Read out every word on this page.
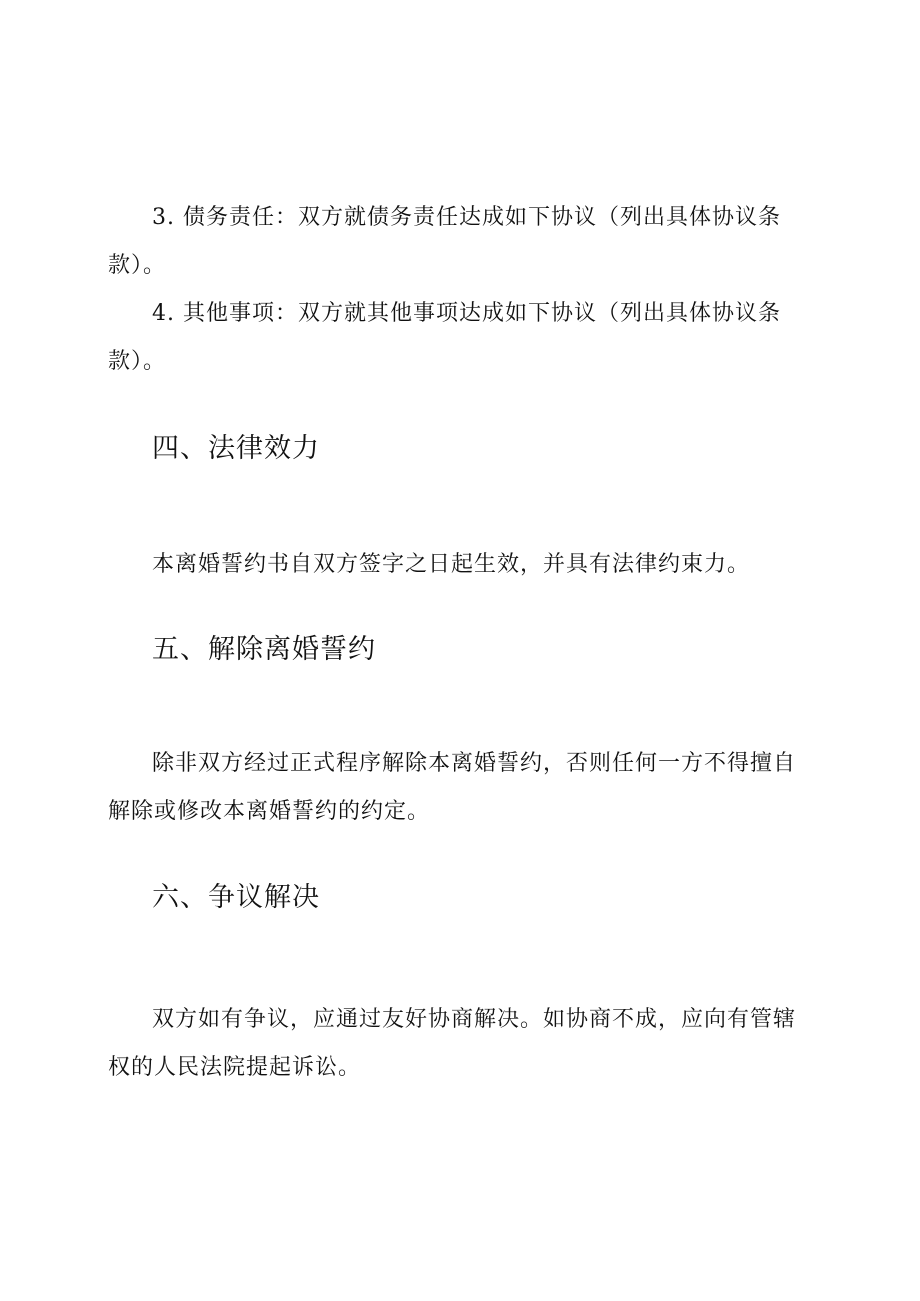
3. 债务责任：双方就债务责任达成如下协议（列出具体协议条款）。

4. 其他事项：双方就其他事项达成如下协议（列出具体协议条款）。

四、法律效力

本离婚誓约书自双方签字之日起生效，并具有法律约束力。

五、解除离婚誓约

除非双方经过正式程序解除本离婚誓约，否则任何一方不得擅自解除或修改本离婚誓约的约定。

六、争议解决

双方如有争议，应通过友好协商解决。如协商不成，应向有管辖权的人民法院提起诉讼。
